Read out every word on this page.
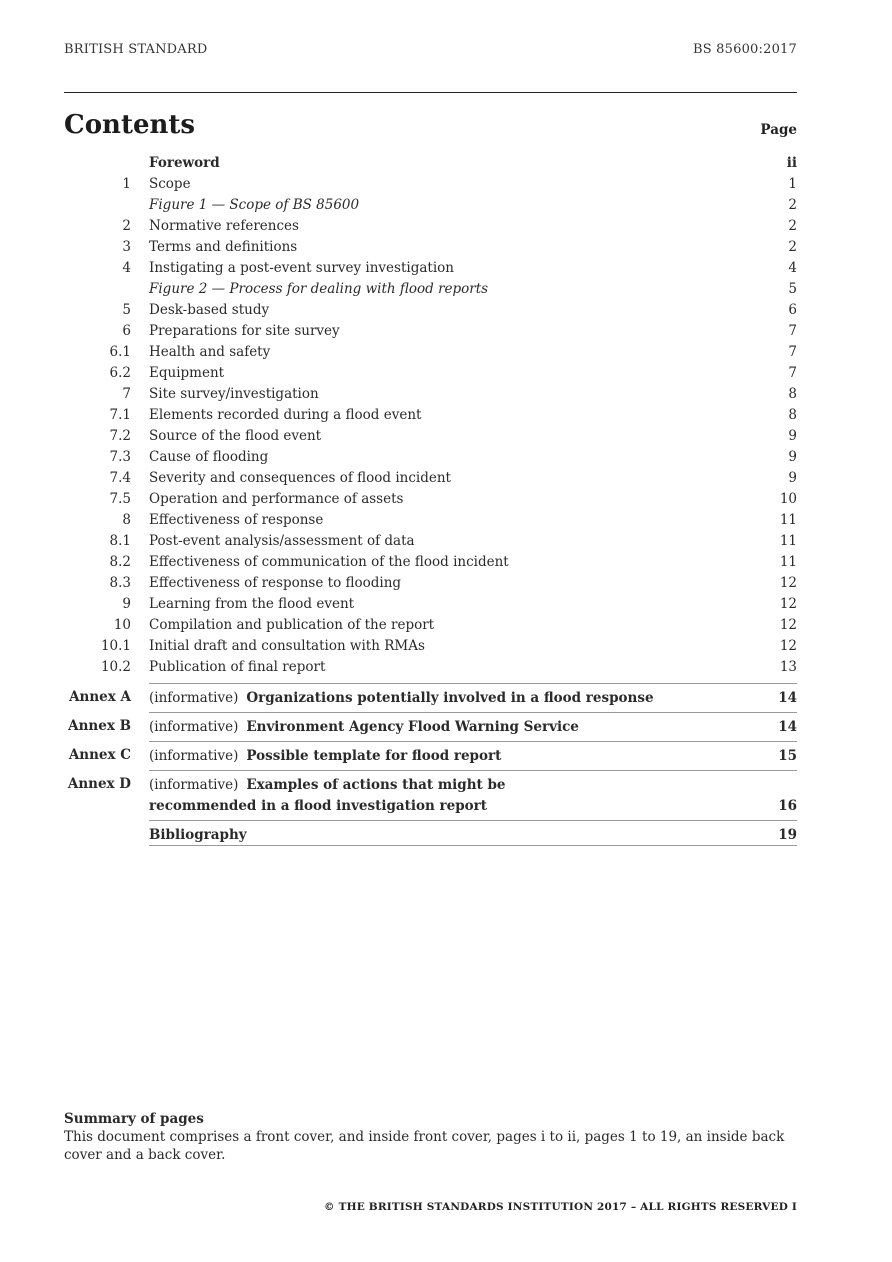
BRITISH STANDARD	BS 85600:2017
Contents	Page
Foreword	ii
1 Scope	1
Figure 1 — Scope of BS 85600	2
2 Normative references	2
3 Terms and definitions	2
4 Instigating a post-event survey investigation	4
Figure 2 — Process for dealing with flood reports	5
5 Desk-based study	6
6 Preparations for site survey	7
6.1 Health and safety	7
6.2 Equipment	7
7 Site survey/investigation	8
7.1 Elements recorded during a flood event	8
7.2 Source of the flood event	9
7.3 Cause of flooding	9
7.4 Severity and consequences of flood incident	9
7.5 Operation and performance of assets	10
8 Effectiveness of response	11
8.1 Post-event analysis/assessment of data	11
8.2 Effectiveness of communication of the flood incident	11
8.3 Effectiveness of response to flooding	12
9 Learning from the flood event	12
10 Compilation and publication of the report	12
10.1 Initial draft and consultation with RMAs	12
10.2 Publication of final report	13
Annex A (informative) Organizations potentially involved in a flood response	14
Annex B (informative) Environment Agency Flood Warning Service	14
Annex C (informative) Possible template for flood report	15
Annex D (informative) Examples of actions that might be recommended in a flood investigation report	16
Bibliography	19
Summary of pages
This document comprises a front cover, and inside front cover, pages i to ii, pages 1 to 19, an inside back cover and a back cover.
© THE BRITISH STANDARDS INSTITUTION 2017 – ALL RIGHTS RESERVED I
